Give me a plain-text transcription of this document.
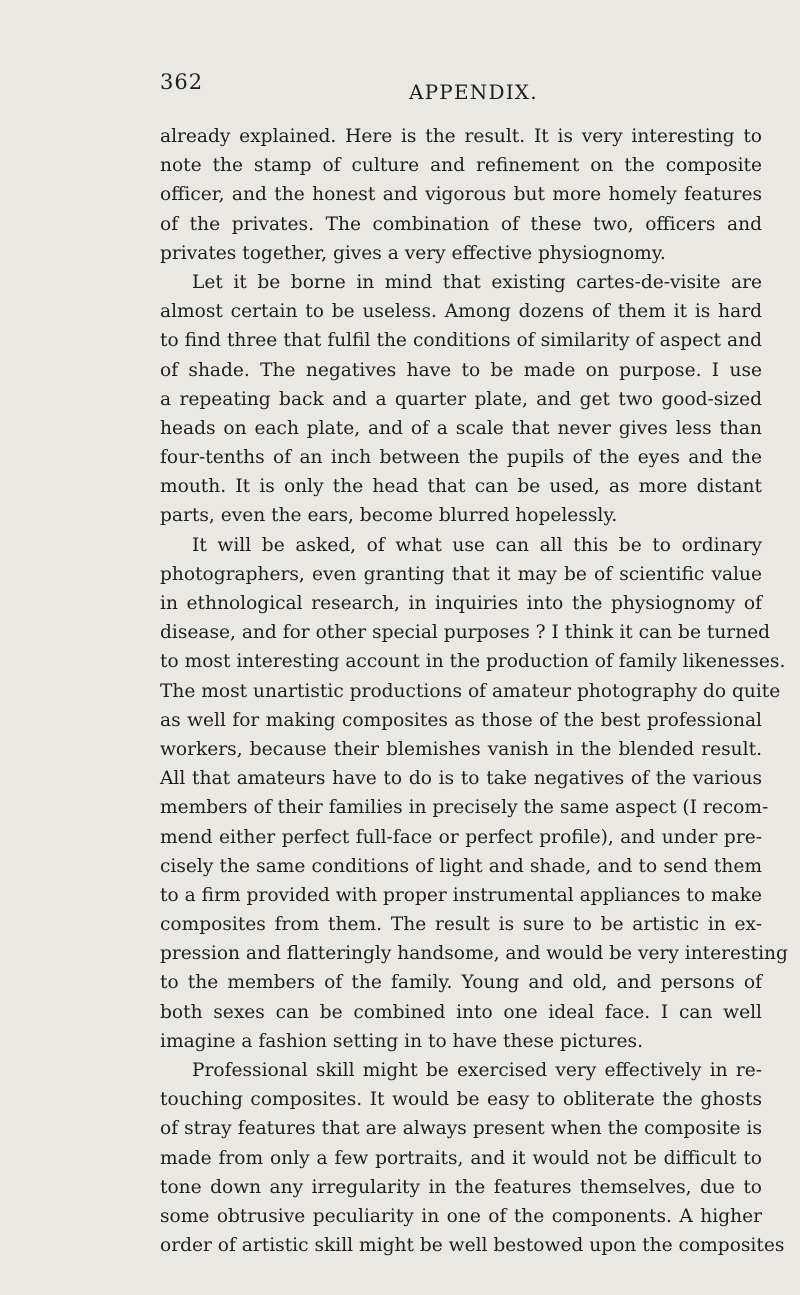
362	APPENDIX.
already explained. Here is the result. It is very interesting to
note the stamp of culture and refinement on the composite
officer, and the honest and vigorous but more homely features
of the privates. The combination of these two, officers and
privates together, gives a very effective physiognomy.
Let it be borne in mind that existing cartes-de-visite are
almost certain to be useless. Among dozens of them it is hard
to find three that fulfil the conditions of similarity of aspect and
of shade. The negatives have to be made on purpose. I use
a repeating back and a quarter plate, and get two good-sized
heads on each plate, and of a scale that never gives less than
four-tenths of an inch between the pupils of the eyes and the
mouth. It is only the head that can be used, as more distant
parts, even the ears, become blurred hopelessly.
It will be asked, of what use can all this be to ordinary
photographers, even granting that it may be of scientific value
in ethnological research, in inquiries into the physiognomy of
disease, and for other special purposes ? I think it can be turned
to most interesting account in the production of family likenesses.
The most unartistic productions of amateur photography do quite
as well for making composites as those of the best professional
workers, because their blemishes vanish in the blended result.
All that amateurs have to do is to take negatives of the various
members of their families in precisely the same aspect (I recom-
mend either perfect full-face or perfect profile), and under pre-
cisely the same conditions of light and shade, and to send them
to a firm provided with proper instrumental appliances to make
composites from them. The result is sure to be artistic in ex-
pression and flatteringly handsome, and would be very interesting
to the members of the family. Young and old, and persons of
both sexes can be combined into one ideal face. I can well
imagine a fashion setting in to have these pictures.
Professional skill might be exercised very effectively in re-
touching composites. It would be easy to obliterate the ghosts
of stray features that are always present when the composite is
made from only a few portraits, and it would not be difficult to
tone down any irregularity in the features themselves, due to
some obtrusive peculiarity in one of the components. A higher
order of artistic skill might be well bestowed upon the composites
